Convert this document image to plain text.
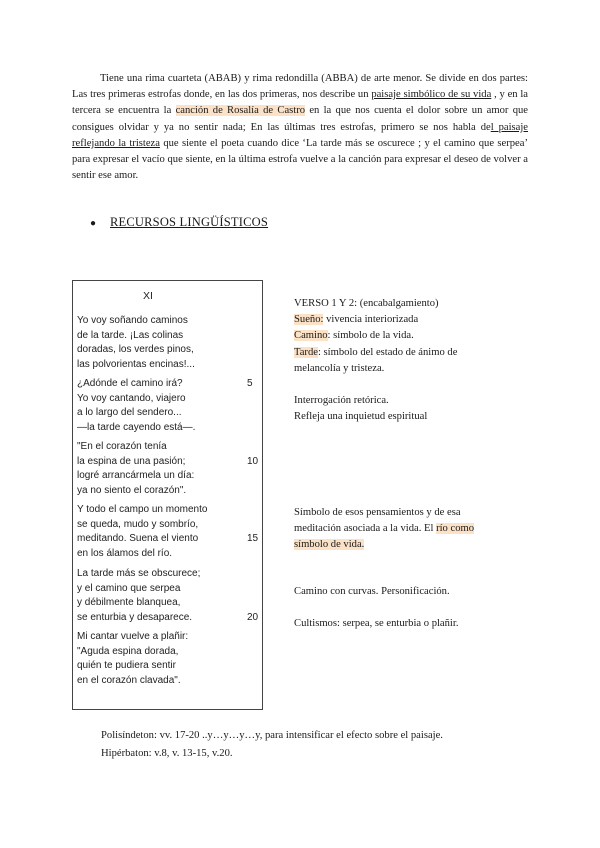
Tiene una rima cuarteta (ABAB) y rima redondilla (ABBA) de arte menor. Se divide en dos partes: Las tres primeras estrofas donde, en las dos primeras, nos describe un paisaje simbólico de su vida , y en la tercera se encuentra la canción de Rosalía de Castro en la que nos cuenta el dolor sobre un amor que consigues olvidar y ya no sentir nada; En las últimas tres estrofas, primero se nos habla del paisaje reflejando la tristeza que siente el poeta cuando dice ‘La tarde más se oscurece ; y el camino que serpea’ para expresar el vacío que siente, en la última estrofa vuelve a la canción para expresar el deseo de volver a sentir ese amor.

● RECURSOS LINGÜÍSTICOS
XI
Yo voy soñando caminos
de la tarde. ¡Las colinas
doradas, los verdes pinos,
las polvorientas encinas!...
¿Adónde el camino irá?	5
Yo voy cantando, viajero
a lo largo del sendero...
—la tarde cayendo está—.
"En el corazón tenía
la espina de una pasión;	10
logré arrancármela un día:
ya no siento el corazón".
Y todo el campo un momento
se queda, mudo y sombrío,
meditando. Suena el viento	15
en los álamos del río.
La tarde más se obscurece;
y el camino que serpea
y débilmente blanquea,
se enturbia y desaparece.	20
Mi cantar vuelve a plañir:
"Aguda espina dorada,
quién te pudiera sentir
en el corazón clavada".
VERSO 1 Y 2: (encabalgamiento)
Sueño: vivencia interiorizada
Camino: símbolo de la vida.
Tarde: símbolo del estado de ánimo de
melancolía y tristeza.
Interrogación retórica.
Refleja una inquietud espiritual
Símbolo de esos pensamientos y de esa
meditación asociada a la vida. El río como
símbolo de vida.
Camino con curvas. Personificación.
Cultismos: serpea, se enturbia o plañir.
Polisíndeton: vv. 17-20 ..y…y…y…y, para intensificar el efecto sobre el paisaje.
Hipérbaton: v.8, v. 13-15, v.20.
